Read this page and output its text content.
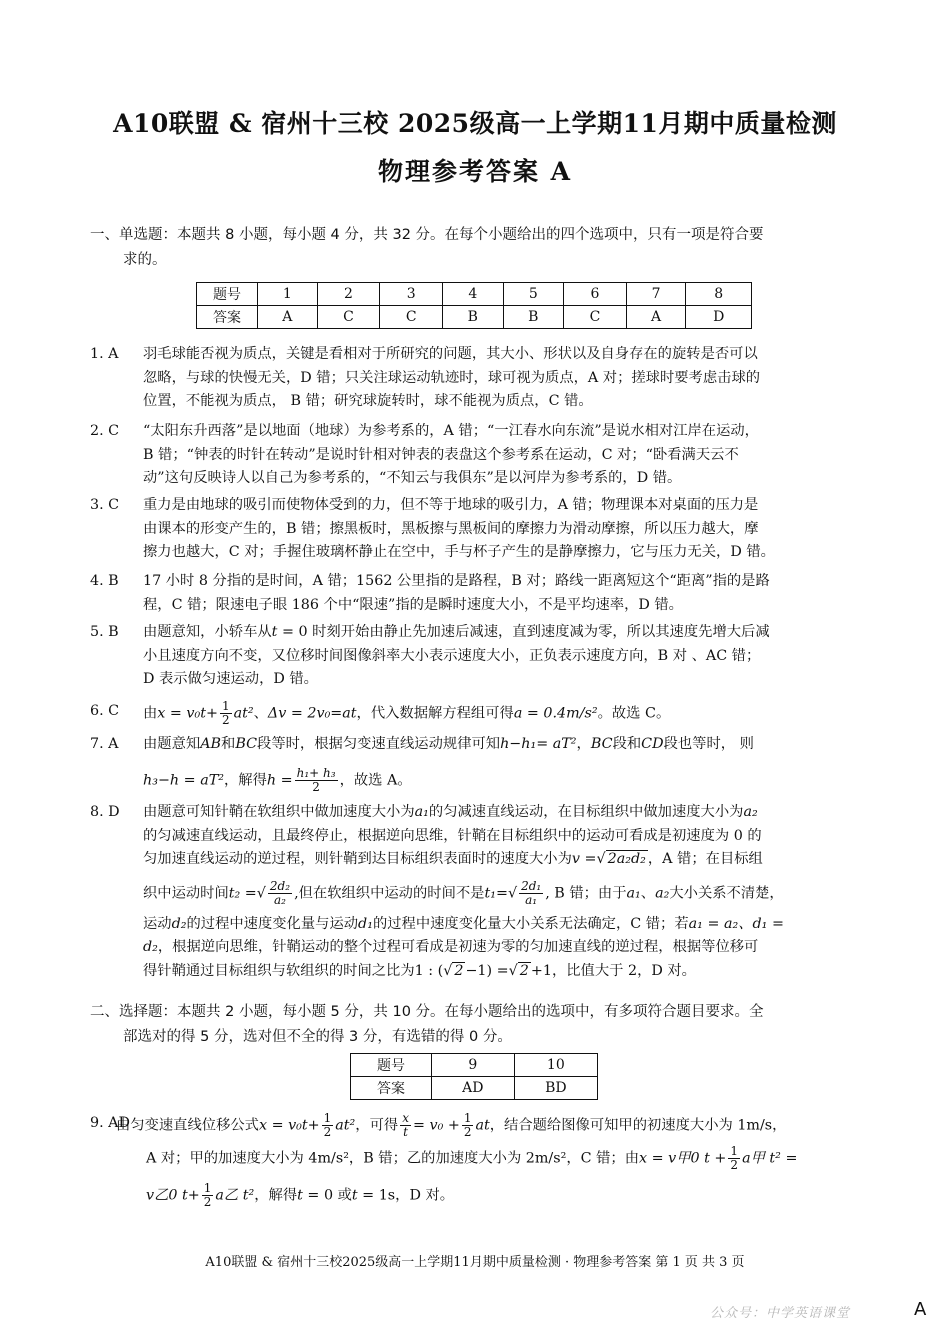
A10联盟 & 宿州十三校 2025级高一上学期11月期中质量检测
物理参考答案 A
一、单选题：本题共 8 小题，每小题 4 分，共 32 分。在每个小题给出的四个选项中，只有一项是符合要
求的。
题号	1	2	3	4	5	6	7	8
答案	A	C	C	B	B	C	A	D
1. A	羽毛球能否视为质点，关键是看相对于所研究的问题，其大小、形状以及自身存在的旋转是否可以
忽略，与球的快慢无关，D 错；只关注球运动轨迹时，球可视为质点，A 对；搓球时要考虑击球的
位置，不能视为质点， B 错；研究球旋转时，球不能视为质点，C 错。
2. C	“太阳东升西落”是以地面（地球）为参考系的，A 错；“一江春水向东流”是说水相对江岸在运动，
B 错；“钟表的时针在转动”是说时针相对钟表的表盘这个参考系在运动，C 对；“卧看满天云不
动”这句反映诗人以自己为参考系的，“不知云与我俱东”是以河岸为参考系的，D 错。
3. C	重力是由地球的吸引而使物体受到的力，但不等于地球的吸引力，A 错；物理课本对桌面的压力是
由课本的形变产生的，B 错；擦黑板时，黑板擦与黑板间的摩擦力为滑动摩擦，所以压力越大，摩
擦力也越大，C 对；手握住玻璃杯静止在空中，手与杯子产生的是静摩擦力，它与压力无关，D 错。
4. B	17 小时 8 分指的是时间，A 错；1562 公里指的是路程，B 对；路线一距离短这个“距离”指的是路
程，C 错；限速电子眼 186 个中“限速”指的是瞬时速度大小，不是平均速率，D 错。
5. B	由题意知，小轿车从t = 0 时刻开始由静止先加速后减速，直到速度减为零，所以其速度先增大后减
小且速度方向不变，又位移时间图像斜率大小表示速度大小，正负表示速度方向，B 对 、AC 错；
D 表示做匀速运动，D 错。
6. C	由$x = v_0t+ \frac{1}{2} at^2$、Δv = 2v₀=at，代入数据解方程组可得a = 0.4m/s²。故选 C。
7. A	由题意知AB和BC段等时，根据匀变速直线运动规律可知h−h₁= aT²，BC段和CD段也等时， 则
h₃−h = aT²，解得$h = \frac{\text{h₁+ h₃}}{2}$ ，故选 A。
8. D	由题意可知针鞘在软组织中做加速度大小为a₁的匀减速直线运动，在目标组织中做加速度大小为a₂
的匀减速直线运动，且最终停止，根据逆向思维，针鞘在目标组织中的运动可看成是初速度为 0 的
匀加速直线运动的逆过程，则针鞘到达目标组织表面时的速度大小为v =√ 2a₂d₂ ，A 错；在目标组
织中运动时间t₂ =√ $\frac{\text{2d₂}}{\text{a₂}}$ ,但在软组织中运动的时间不是$t_1=√ \frac{\text{2d₁}}{\text{a₁}}$ , B 错；由于a₁、a₂大小关系不清楚，
运动d₂的过程中速度变化量与运动d₁的过程中速度变化量大小关系无法确定，C 错；若a₁ = a₂、d₁ =
d₂，根据逆向思维，针鞘运动的整个过程可看成是初速为零的匀加速直线的逆过程，根据等位移可
得针鞘通过目标组织与软组织的时间之比为1 : (√ 2 −1) =√ 2 +1，比值大于 2，D 对。
二、选择题：本题共 2 小题，每小题 5 分，共 10 分。在每小题给出的选项中，有多项符合题目要求。全
部选对的得 5 分，选对但不全的得 3 分，有选错的得 0 分。
题号	9	10
答案	AD	BD
9. AD
由匀变速直线位移公式$x = v_0t+ \frac{1}{2} at^2$，可得 $\frac{x}{t} = v_0 + \frac{1}{2}$ at，结合题给图像可知甲的初速度大小为 1m/s，
A 对；甲的加速度大小为 4m/s²，B 错；乙的加速度大小为 2m/s²，C 错；由x = v甲0 $t + \frac{1}{2}$ a甲 t² =
v乙0 $t+ \frac{1}{2}$ a乙 t²，解得t = 0 或t = 1s，D 对。
A10联盟 & 宿州十三校2025级高一上学期11月期中质量检测 · 物理参考答案 第 1 页 共 3 页
公众号：中学英语课堂	A
